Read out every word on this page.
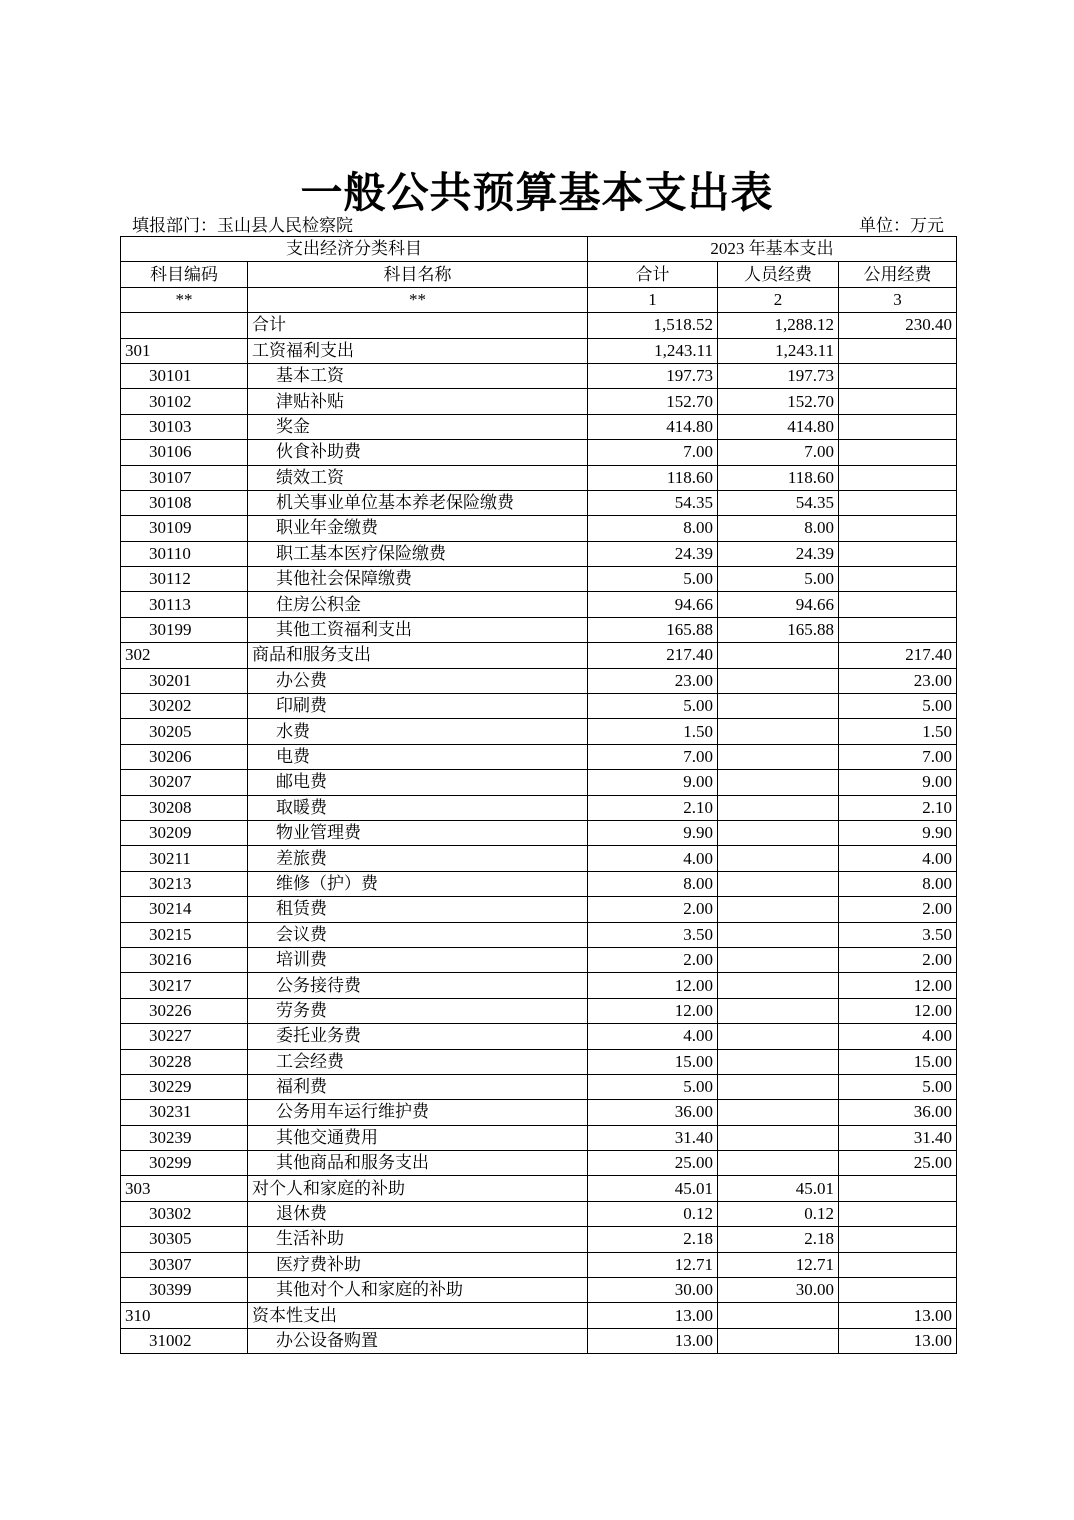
一般公共预算基本支出表
填报部门：玉山县人民检察院	单位：万元
支出经济分类科目		2023 年基本支出		
科目编码	科目名称	合计	人员经费	公用经费
**	**	1	2	3
	合计	1,518.52	1,288.12	230.40
301	工资福利支出	1,243.11	1,243.11	
30101	基本工资	197.73	197.73	
30102	津贴补贴	152.70	152.70	
30103	奖金	414.80	414.80	
30106	伙食补助费	7.00	7.00	
30107	绩效工资	118.60	118.60	
30108	机关事业单位基本养老保险缴费	54.35	54.35	
30109	职业年金缴费	8.00	8.00	
30110	职工基本医疗保险缴费	24.39	24.39	
30112	其他社会保障缴费	5.00	5.00	
30113	住房公积金	94.66	94.66	
30199	其他工资福利支出	165.88	165.88	
302	商品和服务支出	217.40		217.40
30201	办公费	23.00		23.00
30202	印刷费	5.00		5.00
30205	水费	1.50		1.50
30206	电费	7.00		7.00
30207	邮电费	9.00		9.00
30208	取暖费	2.10		2.10
30209	物业管理费	9.90		9.90
30211	差旅费	4.00		4.00
30213	维修（护）费	8.00		8.00
30214	租赁费	2.00		2.00
30215	会议费	3.50		3.50
30216	培训费	2.00		2.00
30217	公务接待费	12.00		12.00
30226	劳务费	12.00		12.00
30227	委托业务费	4.00		4.00
30228	工会经费	15.00		15.00
30229	福利费	5.00		5.00
30231	公务用车运行维护费	36.00		36.00
30239	其他交通费用	31.40		31.40
30299	其他商品和服务支出	25.00		25.00
303	对个人和家庭的补助	45.01	45.01	
30302	退休费	0.12	0.12	
30305	生活补助	2.18	2.18	
30307	医疗费补助	12.71	12.71	
30399	其他对个人和家庭的补助	30.00	30.00	
310	资本性支出	13.00		13.00
31002	办公设备购置	13.00		13.00
